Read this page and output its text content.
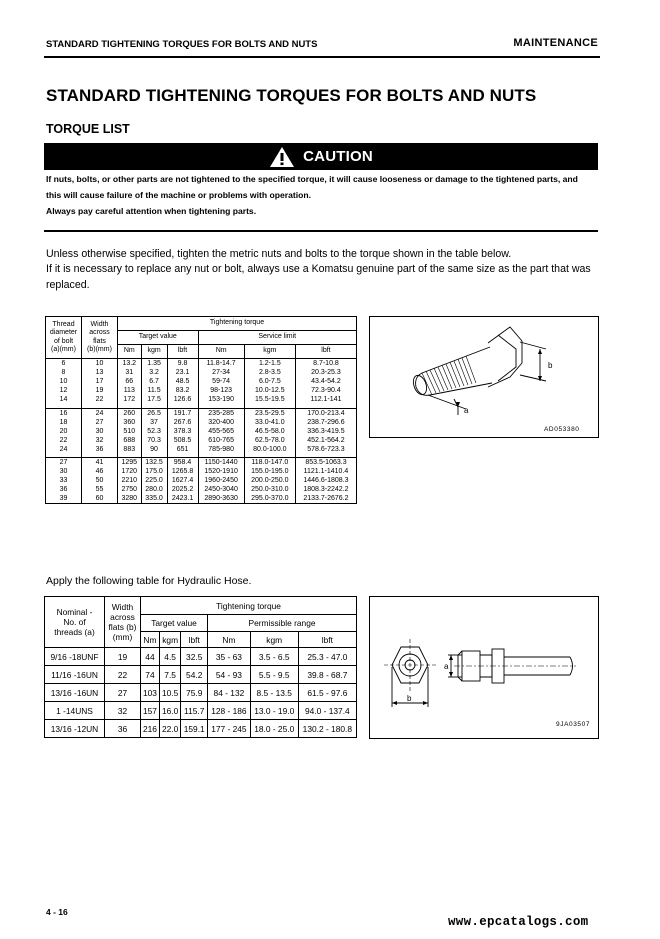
STANDARD TIGHTENING TORQUES FOR BOLTS AND NUTS	MAINTENANCE
STANDARD TIGHTENING TORQUES FOR BOLTS AND NUTS
TORQUE LIST
CAUTION
If nuts, bolts, or other parts are not tightened to the specified torque, it will cause looseness or damage to the tightened parts, and
this will cause failure of the machine or problems with operation.
Always pay careful attention when tightening parts.
Unless otherwise specified, tighten the metric nuts and bolts to the torque shown in the table below.
If it is necessary to replace any nut or bolt, always use a Komatsu genuine part of the same size as the part that was replaced.
Thread
diameter
of bolt
(a)(mm)	Width
across
flats
(b)(mm)	Tightening torque					
		Target value			Service limit		
		Nm	kgm	lbft	Nm	kgm	lbft
6	10	13.2	1.35	9.8	11.8-14.7	1.2-1.5	8.7-10.8
8	13	31	3.2	23.1	27-34	2.8-3.5	20.3-25.3
10	17	66	6.7	48.5	59-74	6.0-7.5	43.4-54.2
12	19	113	11.5	83.2	98-123	10.0-12.5	72.3-90.4
14	22	172	17.5	126.6	153-190	15.5-19.5	112.1-141

16	24	260	26.5	191.7	235-285	23.5-29.5	170.0-213.4
18	27	360	37	267.6	320-400	33.0-41.0	238.7-296.6
20	30	510	52.3	378.3	455-565	46.5-58.0	336.3-419.5
22	32	688	70.3	508.5	610-765	62.5-78.0	452.1-564.2
24	36	883	90	651	785-980	80.0-100.0	578.6-723.3

27	41	1295	132.5	958.4	1150-1440	118.0-147.0	853.5-1063.3
30	46	1720	175.0	1265.8	1520-1910	155.0-195.0	1121.1-1410.4
33	50	2210	225.0	1627.4	1960-2450	200.0-250.0	1446.6-1808.3
36	55	2750	280.0	2025.2	2450-3040	250.0-310.0	1808.3-2242.2
39	60	3280	335.0	2423.1	2890-3630	295.0-370.0	2133.7-2676.2
b
a
AD053380
Apply the following table for Hydraulic Hose.
Nominal -
No. of
threads (a)	Width
across
flats (b)
(mm)	Tightening torque					
		Target value			Permissible range		
		Nm	kgm	lbft	Nm	kgm	lbft
9/16 -18UNF	19	44	4.5	32.5	35 - 63	3.5 - 6.5	25.3 - 47.0
11/16 -16UN	22	74	7.5	54.2	54 - 93	5.5 - 9.5	39.8 - 68.7
13/16 -16UN	27	103	10.5	75.9	84 - 132	8.5 - 13.5	61.5 - 97.6
1 -14UNS	32	157	16.0	115.7	128 - 186	13.0 - 19.0	94.0 - 137.4
13/16 -12UN	36	216	22.0	159.1	177 - 245	18.0 - 25.0	130.2 - 180.8
b
a
9JA03507
4 - 16
www.epcatalogs.com
